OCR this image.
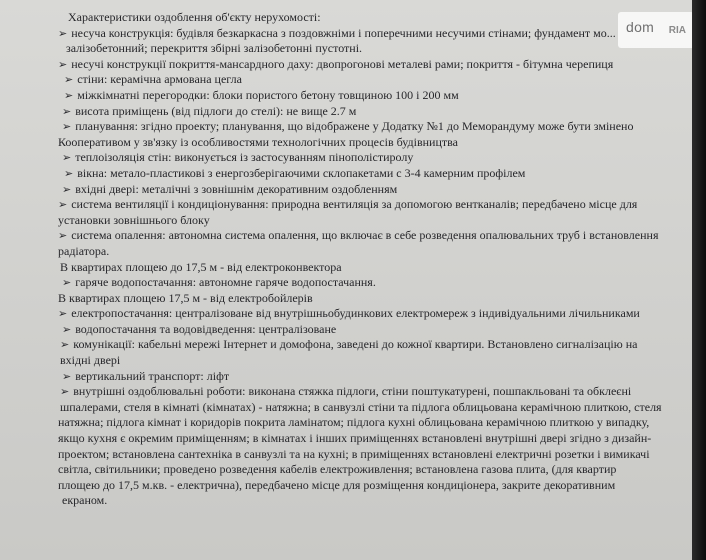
Характеристики оздоблення об'єкту нерухомості:
➢ несуча конструкція: будівля безкаркасна з поздовжніми і поперечними несучими стінами; фундамент мо...
залізобетонний; перекриття збірні залізобетонні пустотні.
➢ несучі конструкції покриття-мансардного даху: двопрогонові металеві рами; покриття - бітумна черепиця
➢ стіни: керамічна армована цегла
➢ міжкімнатні перегородки: блоки пористого бетону товщиною 100 і 200 мм
➢ висота приміщень (від підлоги до стелі): не вище 2.7 м
➢ планування: згідно проекту; планування, що відображене у Додатку №1 до Меморандуму може бути змінено
Кооперативом у зв'язку із особливостями технологічних процесів будівництва
➢ теплоізоляція стін: виконується із застосуванням пінополістиролу
➢ вікна: метало-пластикові з енергозберігаючими склопакетами с 3-4 камерним профілем
➢ вхідні двері: металічні з зовнішнім декоративним оздобленням
➢ система вентиляції і кондиціонування: природна вентиляція за допомогою вентканалів; передбачено місце для
установки зовнішнього блоку
➢ система опалення: автономна система опалення, що включає в себе розведення опалювальних труб і встановлення
радіатора.
В квартирах площею до 17,5 м - від електроконвектора
➢ гаряче водопостачання: автономне гаряче водопостачання.
В квартирах площею 17,5 м - від електробойлерів
➢ електропостачання: централізоване від внутрішньобудинкових електромереж з індивідуальними лічильниками
➢ водопостачання та водовідведення: централізоване
➢ комунікації: кабельні мережі Інтернет и домофона, заведені до кожної квартири. Встановлено сигналізацію на
вхідні двері
➢ вертикальний транспорт: ліфт
➢ внутрішні оздоблювальні роботи: виконана стяжка підлоги, стіни поштукатурені, пошпакльовані та обклеєні
шпалерами, стеля в кімнаті (кімнатах) - натяжна; в санвузлі стіни та підлога облицьована керамічною плиткою, стеля
натяжна; підлога кімнат і коридорів покрита ламінатом; підлога кухні облицьована керамічною плиткою у випадку,
якщо кухня є окремим приміщенням; в кімнатах і інших приміщеннях встановлені внутрішні двері згідно з дизайн-
проектом; встановлена сантехніка в санвузлі та на кухні; в приміщеннях встановлені електричні розетки і вимикачі
світла, світильники; проведено розведення кабелів електроживлення; встановлена газова плита, (для квартир
площею до 17,5 м.кв. - електрична), передбачено місце для розміщення кондиціонера, закрите декоративним
екраном.
dom RIA
